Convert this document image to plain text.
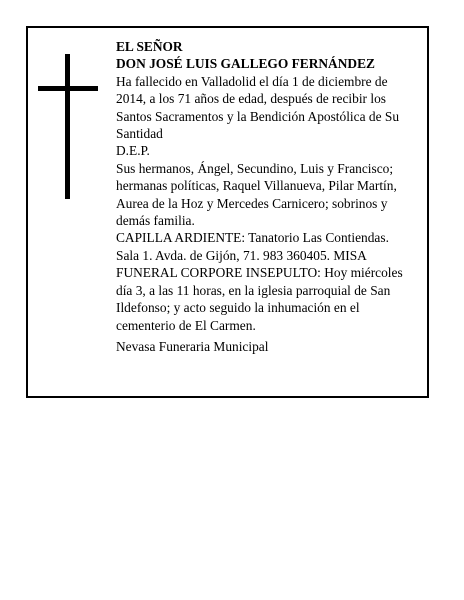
EL SEÑOR
DON JOSÉ LUIS GALLEGO FERNÁNDEZ
Ha fallecido en Valladolid el día 1 de diciembre de
2014, a los 71 años de edad, después de recibir los
Santos Sacramentos y la Bendición Apostólica de Su
Santidad
D.E.P.
Sus hermanos, Ángel, Secundino, Luis y Francisco;
hermanas políticas, Raquel Villanueva, Pilar Martín,
Aurea de la Hoz y Mercedes Carnicero; sobrinos y
demás familia.
CAPILLA ARDIENTE: Tanatorio Las Contiendas.
Sala 1. Avda. de Gijón, 71. 983 360405. MISA
FUNERAL CORPORE INSEPULTO: Hoy miércoles
día 3, a las 11 horas, en la iglesia parroquial de San
Ildefonso; y acto seguido la inhumación en el
cementerio de El Carmen.
Nevasa Funeraria Municipal
